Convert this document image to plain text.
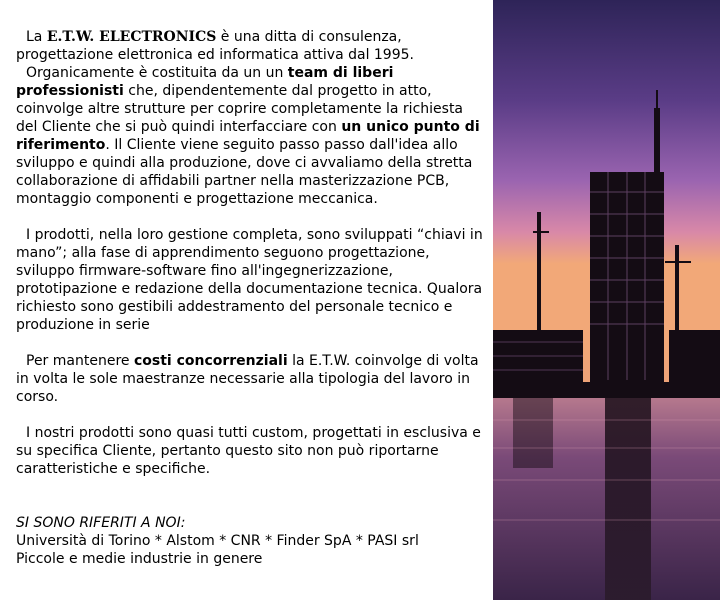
La E.T.W. ELECTRONICS è una ditta di consulenza, progettazione elettronica ed informatica attiva dal 1995.
Organicamente è costituita da un un team di liberi professionisti che, dipendentemente dal progetto in atto, coinvolge altre strutture per coprire completamente la richiesta del Cliente che si può quindi interfacciare con un unico punto di riferimento. Il Cliente viene seguito passo passo dall'idea allo sviluppo e quindi alla produzione, dove ci avvaliamo della stretta collaborazione di affidabili partner nella masterizzazione PCB, montaggio componenti e progettazione meccanica.

I prodotti, nella loro gestione completa, sono sviluppati “chiavi in mano”; alla fase di apprendimento seguono progettazione, sviluppo firmware-software fino all'ingegnerizzazione, prototipazione e redazione della documentazione tecnica. Qualora richiesto sono gestibili addestramento del personale tecnico e produzione in serie

Per mantenere costi concorrenziali la E.T.W. coinvolge di volta in volta le sole maestranze necessarie alla tipologia del lavoro in corso.

I nostri prodotti sono quasi tutti custom, progettati in esclusiva e su specifica Cliente, pertanto questo sito non può riportarne caratteristiche e specifiche.

SI SONO RIFERITI A NOI:
Università di Torino * Alstom * CNR * Finder SpA * PASI srl
Piccole e medie industrie in genere
